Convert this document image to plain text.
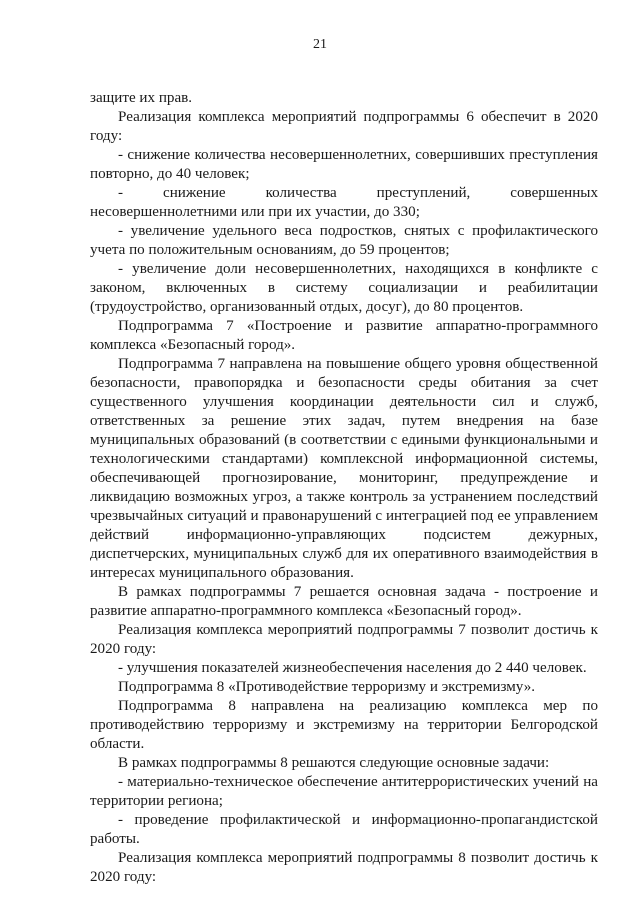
21

защите их прав.

Реализация комплекса мероприятий подпрограммы 6 обеспечит в 2020 году:

- снижение количества несовершеннолетних, совершивших преступления повторно, до 40 человек;

- снижение количества преступлений, совершенных несовершеннолетними или при их участии, до 330;

- увеличение удельного веса подростков, снятых с профилактического учета по положительным основаниям, до 59 процентов;

- увеличение доли несовершеннолетних, находящихся в конфликте с законом, включенных в систему социализации и реабилитации (трудоустройство, организованный отдых, досуг), до 80 процентов.

Подпрограмма 7 «Построение и развитие аппаратно-программного комплекса «Безопасный город».

Подпрограмма 7 направлена на повышение общего уровня общественной безопасности, правопорядка и безопасности среды обитания за счет существенного улучшения координации деятельности сил и служб, ответственных за решение этих задач, путем внедрения на базе муниципальных образований (в соответствии с едиными функциональными и технологическими стандартами) комплексной информационной системы, обеспечивающей прогнозирование, мониторинг, предупреждение и ликвидацию возможных угроз, а также контроль за устранением последствий чрезвычайных ситуаций и правонарушений с интеграцией под ее управлением действий информационно-управляющих подсистем дежурных, диспетчерских, муниципальных служб для их оперативного взаимодействия в интересах муниципального образования.

В рамках подпрограммы 7 решается основная задача - построение и развитие аппаратно-программного комплекса «Безопасный город».

Реализация комплекса мероприятий подпрограммы 7 позволит достичь к 2020 году:

- улучшения показателей жизнеобеспечения населения до 2 440 человек.

Подпрограмма 8 «Противодействие терроризму и экстремизму».

Подпрограмма 8 направлена на реализацию комплекса мер по противодействию терроризму и экстремизму на территории Белгородской области.

В рамках подпрограммы 8 решаются следующие основные задачи:

- материально-техническое обеспечение антитеррористических учений на территории региона;

- проведение профилактической и информационно-пропагандистской работы.

Реализация комплекса мероприятий подпрограммы 8 позволит достичь к 2020 году:
